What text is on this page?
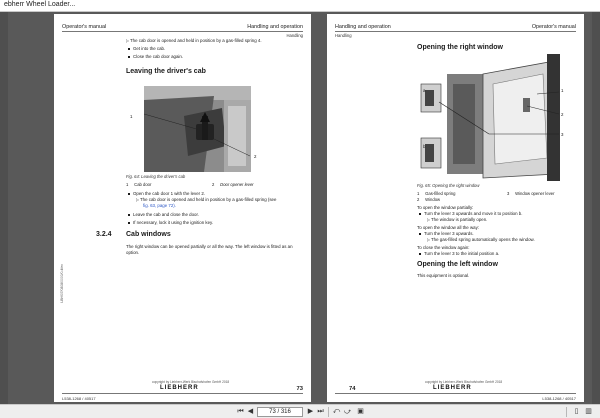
ebherr Wheel Loader...
Operator's manual	Handling and operation
Handling
▷ The cab door is opened and held in position by a gas-filled spring 4.
Get into the cab.
Close the cab door again.
Leaving the driver's cab
1
2
Fig. 64: Leaving the driver's cab
1 Cab door	2 Door opener lever
Open the cab door 1 with the lever 2.
▷ The cab door is opened and held in position by a gas-filled spring (see
fig. 63, page 72).
Leave the cab and close the door.
If necessary, lock it using the ignition key.
3.2.4 Cab windows
The right window can be opened partially or all the way. The left window is fitted as an option.
LBH/07/0808/0000/0.4/en
copyright by Liebherr-Werk Bischofshofen GmbH 2018
LIEBHERR
L538-1268 / 40517
73
Handling and operation	Operator's manual
Handling
Opening the right window
1
2
3
a
b
Fig. 65: Opening the right window
1 Gas-filled spring
2 Window
3 Window opener lever
To open the window partially:
Turn the lever 3 upwards and move it to position b.
▷ The window is partially open.
To open the window all the way:
Turn the lever 3 upwards.
▷ The gas-filled spring automatically opens the window.
To close the window again:
Turn the lever 3 to the initial position a.
Opening the left window
This equipment is optional.
copyright by Liebherr-Werk Bischofshofen GmbH 2018
LIEBHERR
74
L538-1268 / 40517
⏮ ◀	73 / 316	▶ ⏭ ⤺ ⤻ ▣	▯ ▥
